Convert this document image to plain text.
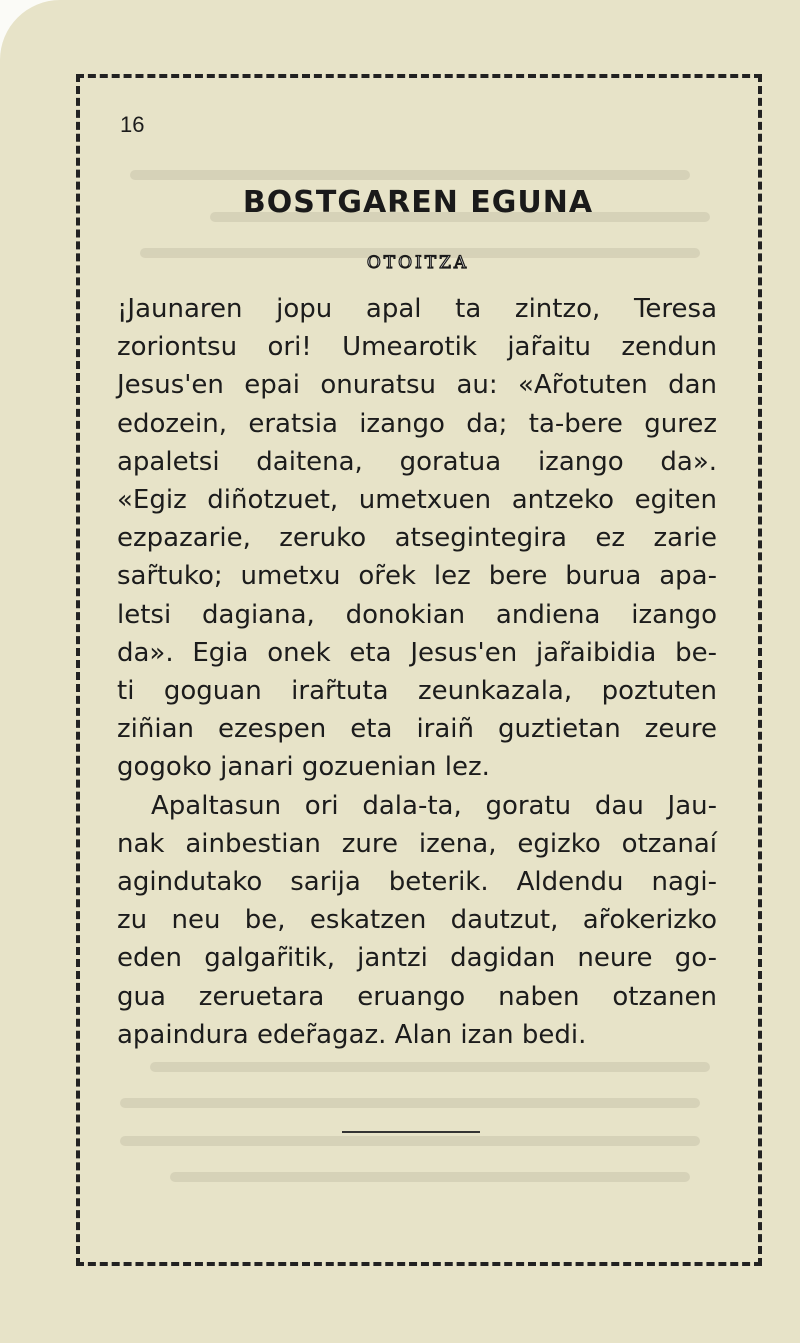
16
BOSTGAREN EGUNA
OTOITZA

¡Jaunaren jopu apal ta zintzo, Teresa
zoriontsu ori! Umearotik jar̃aitu zendun
Jesus'en epai onuratsu au: «Ar̃otuten dan
edozein, eratsia izango da; ta-bere gurez
apaletsi daitena, goratua izango da».
«Egiz diñotzuet, umetxuen antzeko egiten
ezpazarie, zeruko atsegintegira ez zarie
sar̃tuko; umetxu or̃ek lez bere burua apa-
letsi dagiana, donokian andiena izango
da». Egia onek eta Jesus'en jar̃aibidia be-
ti goguan irar̃tuta zeunkazala, poztuten
ziñian ezespen eta iraiñ guztietan zeure
gogoko janari gozuenian lez.

Apaltasun ori dala-ta, goratu dau Jau-
nak ainbestian zure izena, egizko otzanaí
agindutako sarija beterik. Aldendu nagi-
zu neu be, eskatzen dautzut, ar̃okerizko
eden galgar̃itik, jantzi dagidan neure go-
gua zeruetara eruango naben otzanen
apaindura eder̃agaz. Alan izan bedi.
